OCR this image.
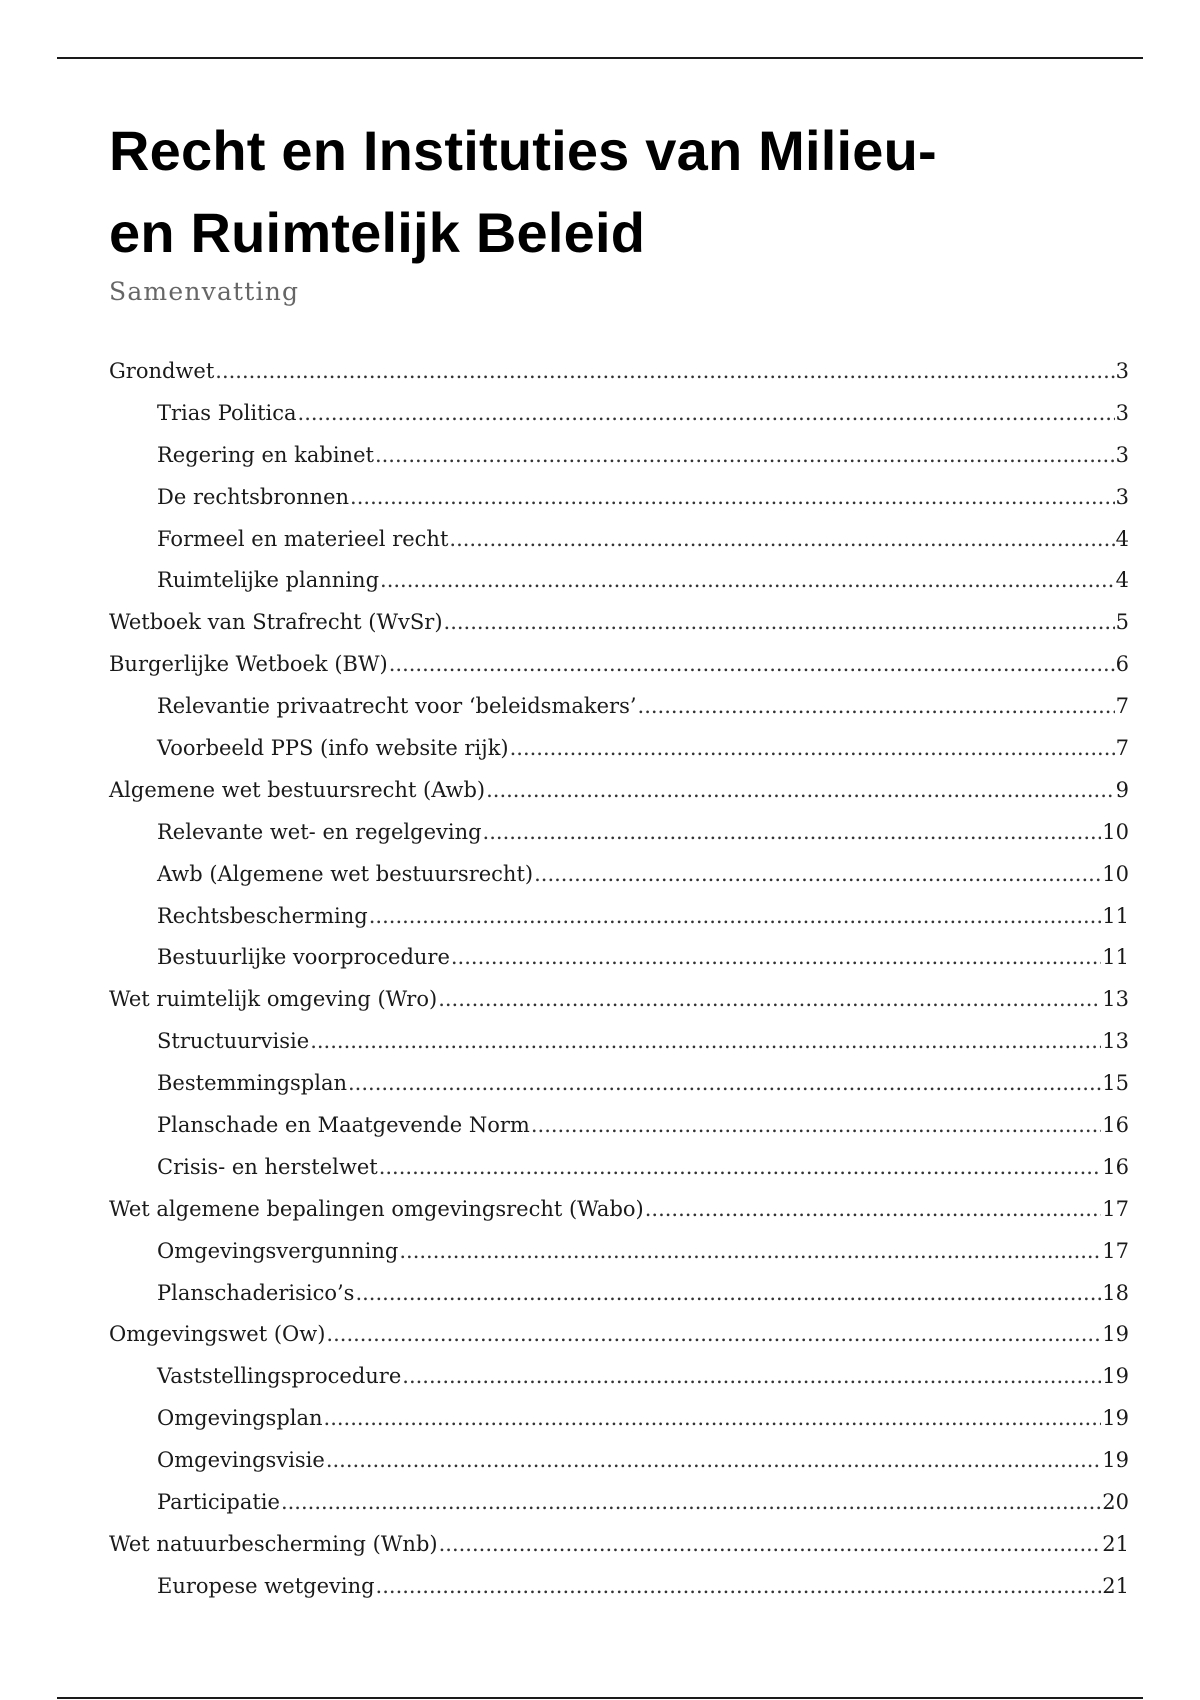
Recht en Instituties van Milieu-
en Ruimtelijk Beleid

Samenvatting

Grondwet .....	3
Trias Politica .....	3
Regering en kabinet .....	3
De rechtsbronnen .....	3
Formeel en materieel recht .....	4
Ruimtelijke planning .....	4
Wetboek van Strafrecht (WvSr) .....	5
Burgerlijke Wetboek (BW) .....	6
Relevantie privaatrecht voor ‘beleidsmakers’ .....	7
Voorbeeld PPS (info website rijk) .....	7
Algemene wet bestuursrecht (Awb) .....	9
Relevante wet- en regelgeving .....	10
Awb (Algemene wet bestuursrecht) .....	10
Rechtsbescherming .....	11
Bestuurlijke voorprocedure .....	11
Wet ruimtelijk omgeving (Wro) .....	13
Structuurvisie .....	13
Bestemmingsplan .....	15
Planschade en Maatgevende Norm .....	16
Crisis- en herstelwet .....	16
Wet algemene bepalingen omgevingsrecht (Wabo) .....	17
Omgevingsvergunning .....	17
Planschaderisico’s .....	18
Omgevingswet (Ow) .....	19
Vaststellingsprocedure .....	19
Omgevingsplan .....	19
Omgevingsvisie .....	19
Participatie .....	20
Wet natuurbescherming (Wnb) .....	21
Europese wetgeving .....	21
